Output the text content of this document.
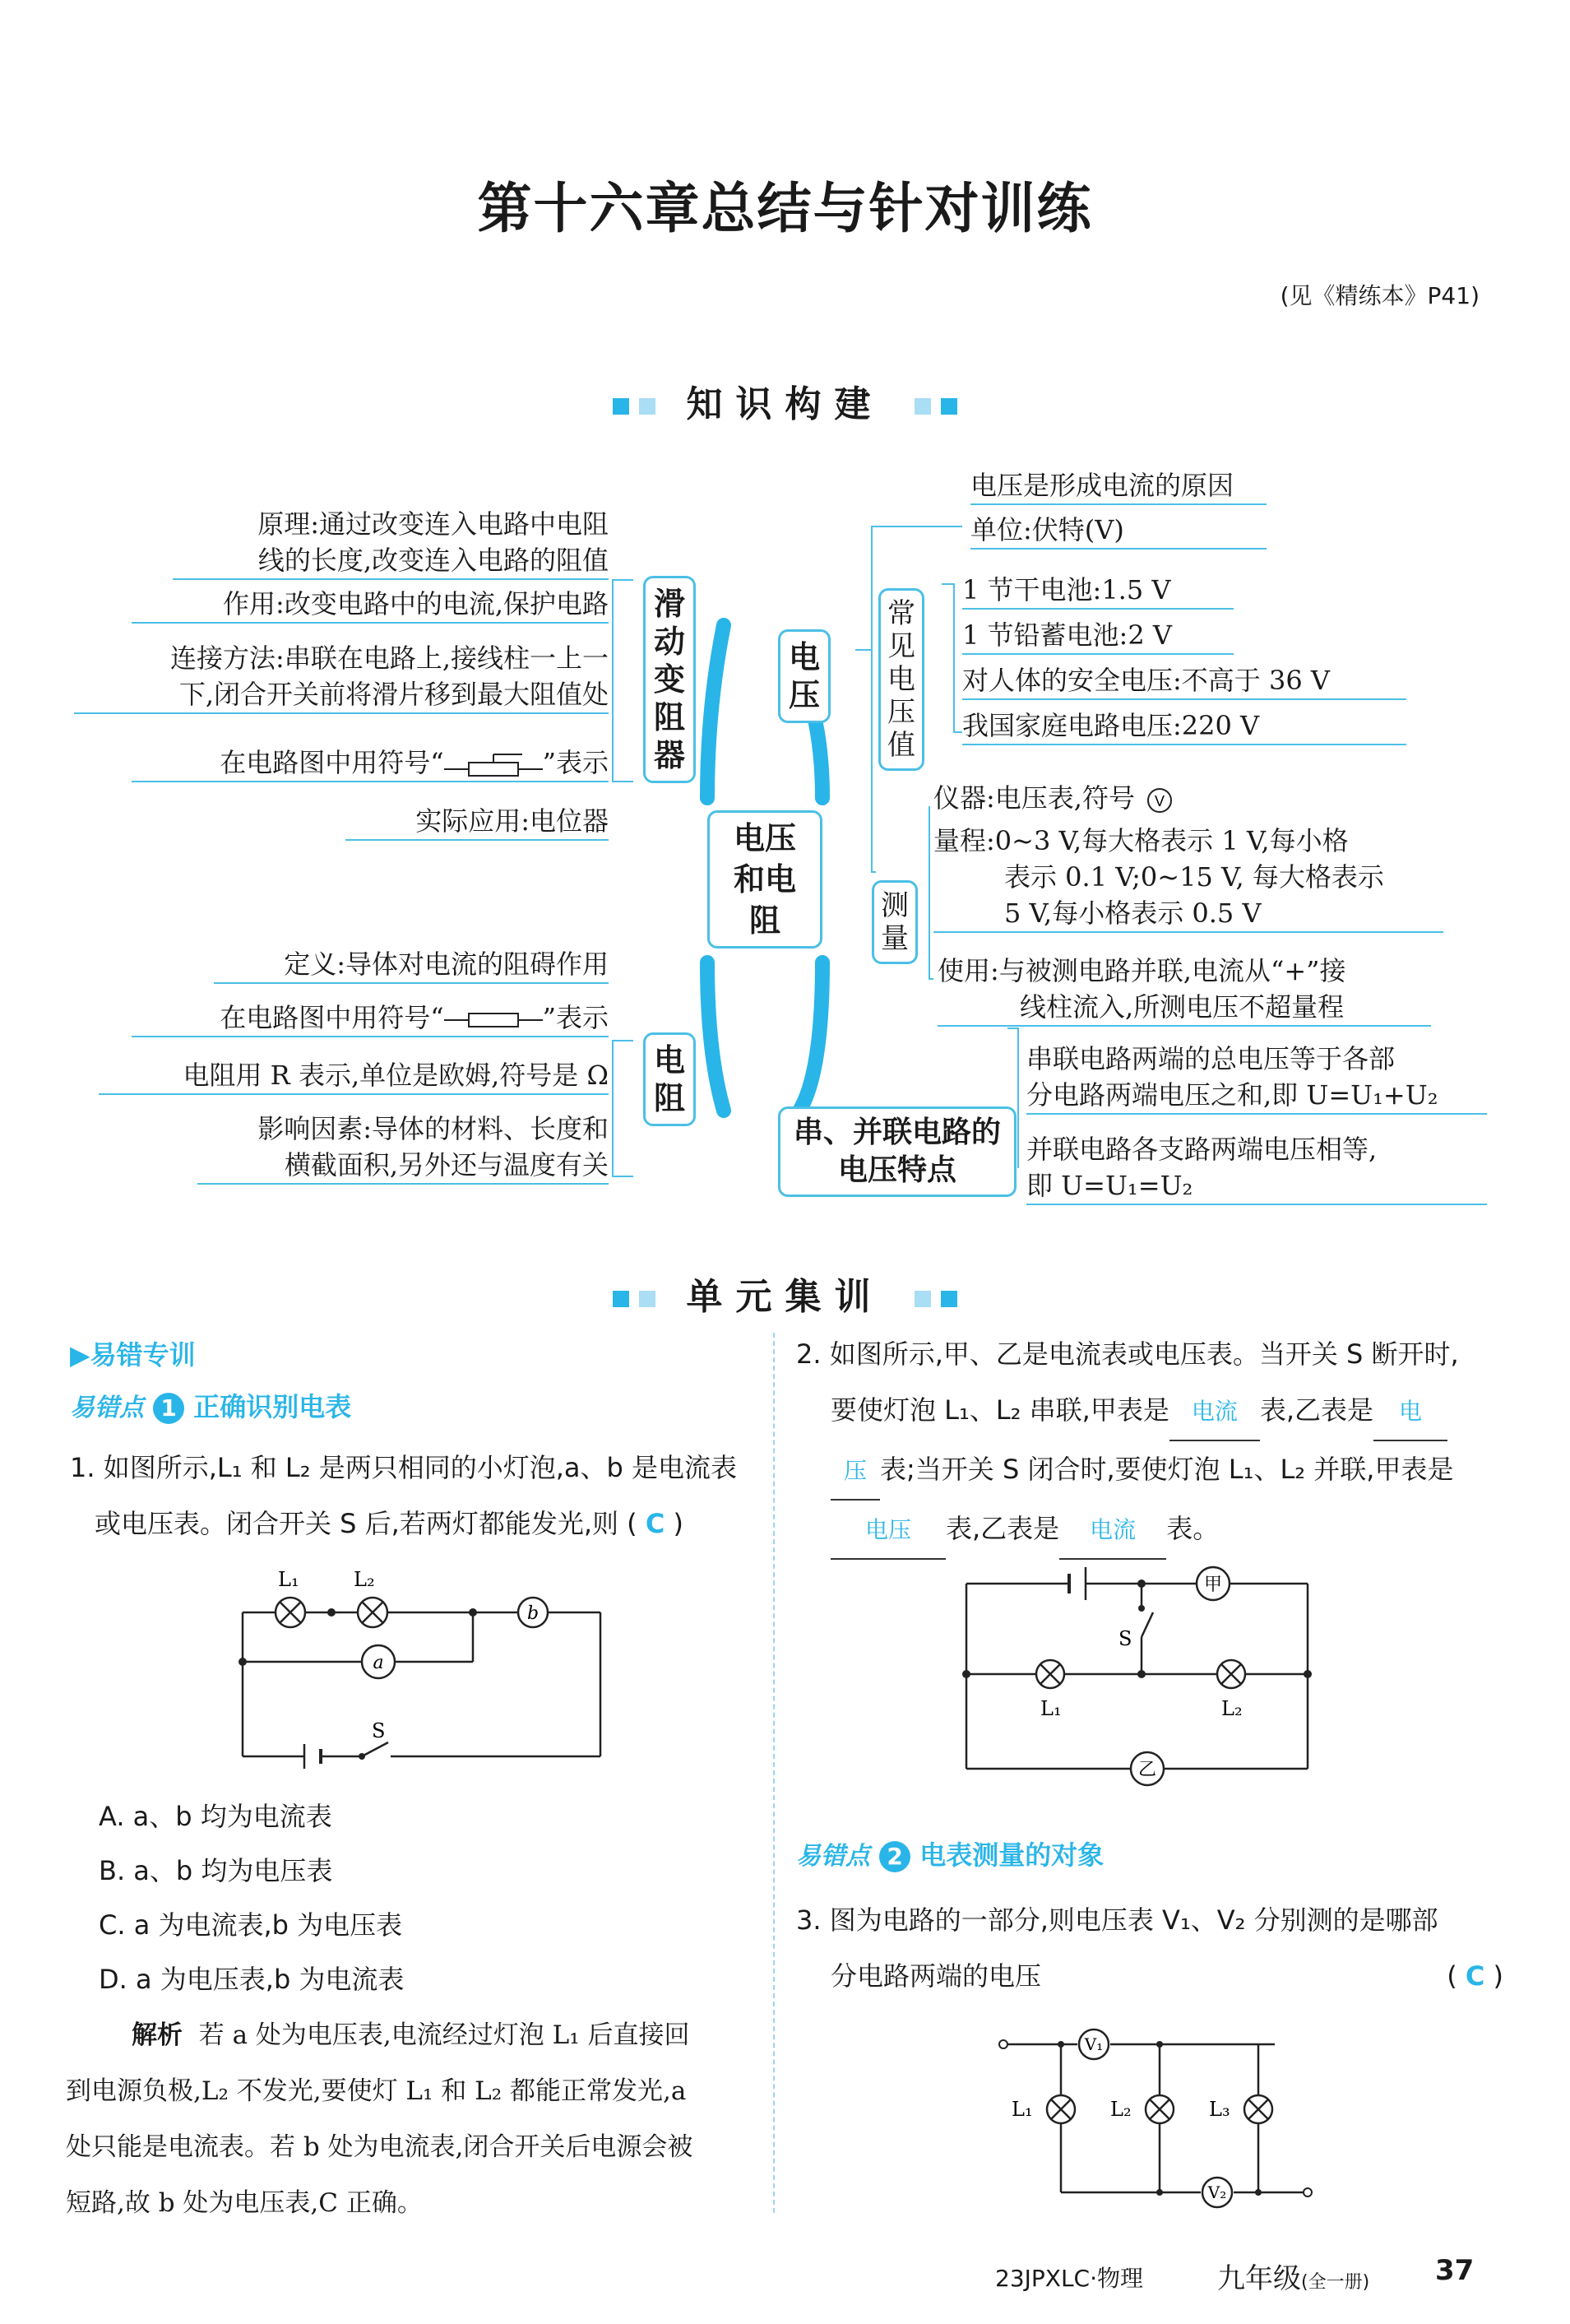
第十六章总结与针对训练
(见《精练本》P41)
知识构建
原理:通过改变连入电路中电阻
线的长度,改变连入电路的阻值
作用:改变电路中的电流,保护电路
连接方法:串联在电路上,接线柱一上一
下,闭合开关前将滑片移到最大阻值处
在电路图中用符号“	”表示
实际应用:电位器
滑动变阻器
电压和电阻
电压
电压是形成电流的原因
单位:伏特(V)
常见电压值
1 节干电池:1.5 V
1 节铅蓄电池:2 V
对人体的安全电压:不高于 36 V
我国家庭电路电压:220 V
仪器:电压表,符号 V
量程:0~3 V,每大格表示 1 V,每小格
表示 0.1 V;0~15 V, 每大格表示
5 V,每小格表示 0.5 V
测量
使用:与被测电路并联,电流从“+”接
线柱流入,所测电压不超量程
定义:导体对电流的阻碍作用
在电路图中用符号“	”表示
电阻用 R 表示,单位是欧姆,符号是 Ω
影响因素:导体的材料、长度和
横截面积,另外还与温度有关
电阻
串、并联电路的电压特点
串联电路两端的总电压等于各部
分电路两端电压之和,即 U=U₁+U₂
并联电路各支路两端电压相等,
即 U=U₁=U₂
单元集训
▶易错专训
易错点 1 正确识别电表
1. 如图所示,L₁ 和 L₂ 是两只相同的小灯泡,a、b 是电流表
或电压表。闭合开关 S 后,若两灯都能发光,则 ( C )
L₁	L₂
b
a
S
A. a、b 均为电流表
B. a、b 均为电压表
C. a 为电流表,b 为电压表
D. a 为电压表,b 为电流表
解析 若 a 处为电压表,电流经过灯泡 L₁ 后直接回
到电源负极,L₂ 不发光,要使灯 L₁ 和 L₂ 都能正常发光,a
处只能是电流表。若 b 处为电流表,闭合开关后电源会被
短路,故 b 处为电压表,C 正确。
2. 如图所示,甲、乙是电流表或电压表。当开关 S 断开时,
要使灯泡 L₁、L₂ 串联,甲表是 电流 表,乙表是 电
压 表;当开关 S 闭合时,要使灯泡 L₁、L₂ 并联,甲表是
电压 表,乙表是 电流 表。
甲
乙
S
L₁	L₂
易错点 2 电表测量的对象
3. 图为电路的一部分,则电压表 V₁、V₂ 分别测的是哪部
分电路两端的电压	( C )
V₁
V₂
L₁	L₂	L₃
23JPXLC·物理	九年级(全一册) 37
